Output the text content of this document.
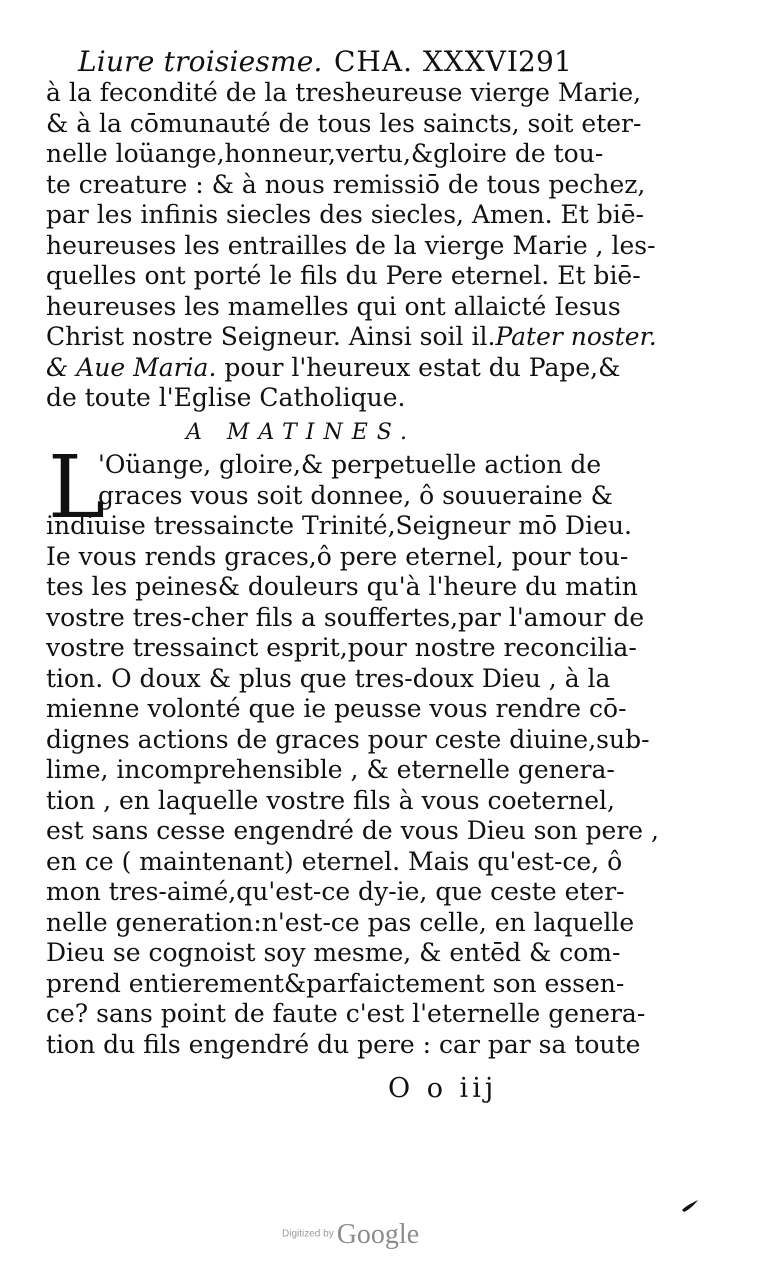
Liure troisiesme. CHA. XXXVI.
291
à la fecondité de la tresheureuse vierge Marie,
& à la cōmunauté de tous les saincts, soit eter-
nelle loüange,honneur,vertu,&gloire de tou-
te creature : & à nous remissiō de tous pechez,
par les infinis siecles des siecles, Amen. Et biē-
heureuses les entrailles de la vierge Marie , les-
quelles ont porté le fils du Pere eternel. Et biē-
heureuses les mamelles qui ont allaicté Iesus
Christ nostre Seigneur. Ainsi soil il.Pater noster.
& Aue Maria. pour l'heureux estat du Pape,&
de toute l'Eglise Catholique.
A MATINES.
L
'Oüange, gloire,& perpetuelle action de
graces vous soit donnee, ô souueraine &
indiuise tressaincte Trinité,Seigneur mō Dieu.
Ie vous rends graces,ô pere eternel, pour tou-
tes les peines& douleurs qu'à l'heure du matin
vostre tres-cher fils a souffertes,par l'amour de
vostre tressainct esprit,pour nostre reconcilia-
tion. O doux & plus que tres-doux Dieu , à la
mienne volonté que ie peusse vous rendre cō-
dignes actions de graces pour ceste diuine,sub-
lime, incomprehensible , & eternelle genera-
tion , en laquelle vostre fils à vous coeternel,
est sans cesse engendré de vous Dieu son pere ,
en ce ( maintenant) eternel. Mais qu'est-ce, ô
mon tres-aimé,qu'est-ce dy-ie, que ceste eter-
nelle generation:n'est-ce pas celle, en laquelle
Dieu se cognoist soy mesme, & entēd & com-
prend entierement&parfaictement son essen-
ce? sans point de faute c'est l'eternelle genera-
tion du fils engendré du pere : car par sa toute
O o iij
Digitized by Google
